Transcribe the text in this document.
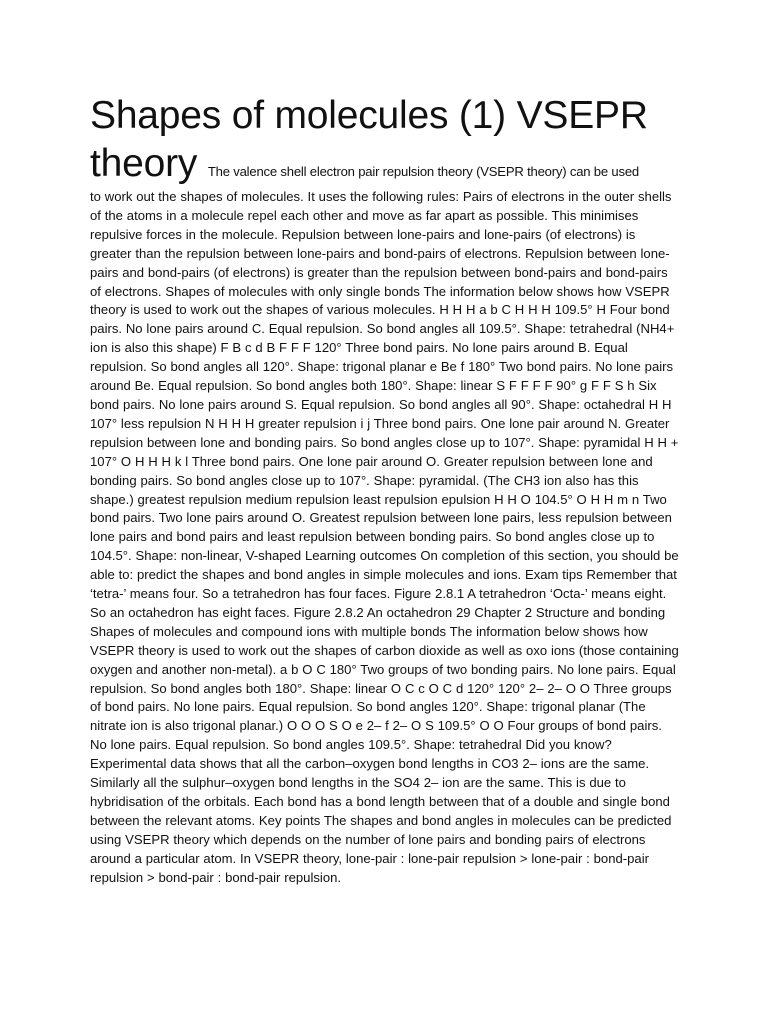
Shapes of molecules (1) VSEPR
theory The valence shell electron pair repulsion theory (VSEPR theory) can be used

to work out the shapes of molecules. It uses the following rules: Pairs of electrons in the outer shells of the atoms in a molecule repel each other and move as far apart as possible. This minimises repulsive forces in the molecule. Repulsion between lone-pairs and lone-pairs (of electrons) is greater than the repulsion between lone-pairs and bond-pairs of electrons. Repulsion between lone-pairs and bond-pairs (of electrons) is greater than the repulsion between bond-pairs and bond-pairs of electrons. Shapes of molecules with only single bonds The information below shows how VSEPR theory is used to work out the shapes of various molecules. H H H a b C H H H 109.5° H Four bond pairs. No lone pairs around C. Equal repulsion. So bond angles all 109.5°. Shape: tetrahedral (NH4+ ion is also this shape) F B c d B F F F 120° Three bond pairs. No lone pairs around B. Equal repulsion. So bond angles all 120°. Shape: trigonal planar e Be f 180° Two bond pairs. No lone pairs around Be. Equal repulsion. So bond angles both 180°. Shape: linear S F F F F 90° g F F S h Six bond pairs. No lone pairs around S. Equal repulsion. So bond angles all 90°. Shape: octahedral H H 107° less repulsion N H H H greater repulsion i j Three bond pairs. One lone pair around N. Greater repulsion between lone and bonding pairs. So bond angles close up to 107°. Shape: pyramidal H H + 107° O H H H k l Three bond pairs. One lone pair around O. Greater repulsion between lone and bonding pairs. So bond angles close up to 107°. Shape: pyramidal. (The CH3 ion also has this shape.) greatest repulsion medium repulsion least repulsion epulsion H H O 104.5° O H H m n Two bond pairs. Two lone pairs around O. Greatest repulsion between lone pairs, less repulsion between lone pairs and bond pairs and least repulsion between bonding pairs. So bond angles close up to 104.5°. Shape: non-linear, V-shaped Learning outcomes On completion of this section, you should be able to: predict the shapes and bond angles in simple molecules and ions. Exam tips Remember that ‘tetra-’ means four. So a tetrahedron has four faces. Figure 2.8.1 A tetrahedron ‘Octa-’ means eight. So an octahedron has eight faces. Figure 2.8.2 An octahedron 29 Chapter 2 Structure and bonding Shapes of molecules and compound ions with multiple bonds The information below shows how VSEPR theory is used to work out the shapes of carbon dioxide as well as oxo ions (those containing oxygen and another non-metal). a b O C 180° Two groups of two bonding pairs. No lone pairs. Equal repulsion. So bond angles both 180°. Shape: linear O C c O C d 120° 120° 2– 2– O O Three groups of bond pairs. No lone pairs. Equal repulsion. So bond angles 120°. Shape: trigonal planar (The nitrate ion is also trigonal planar.) O O O S O e 2– f 2– O S 109.5° O O Four groups of bond pairs. No lone pairs. Equal repulsion. So bond angles 109.5°. Shape: tetrahedral Did you know? Experimental data shows that all the carbon–oxygen bond lengths in CO3 2– ions are the same. Similarly all the sulphur–oxygen bond lengths in the SO4 2– ion are the same. This is due to hybridisation of the orbitals. Each bond has a bond length between that of a double and single bond between the relevant atoms. Key points The shapes and bond angles in molecules can be predicted using VSEPR theory which depends on the number of lone pairs and bonding pairs of electrons around a particular atom. In VSEPR theory, lone-pair : lone-pair repulsion > lone-pair : bond-pair repulsion > bond-pair : bond-pair repulsion.
